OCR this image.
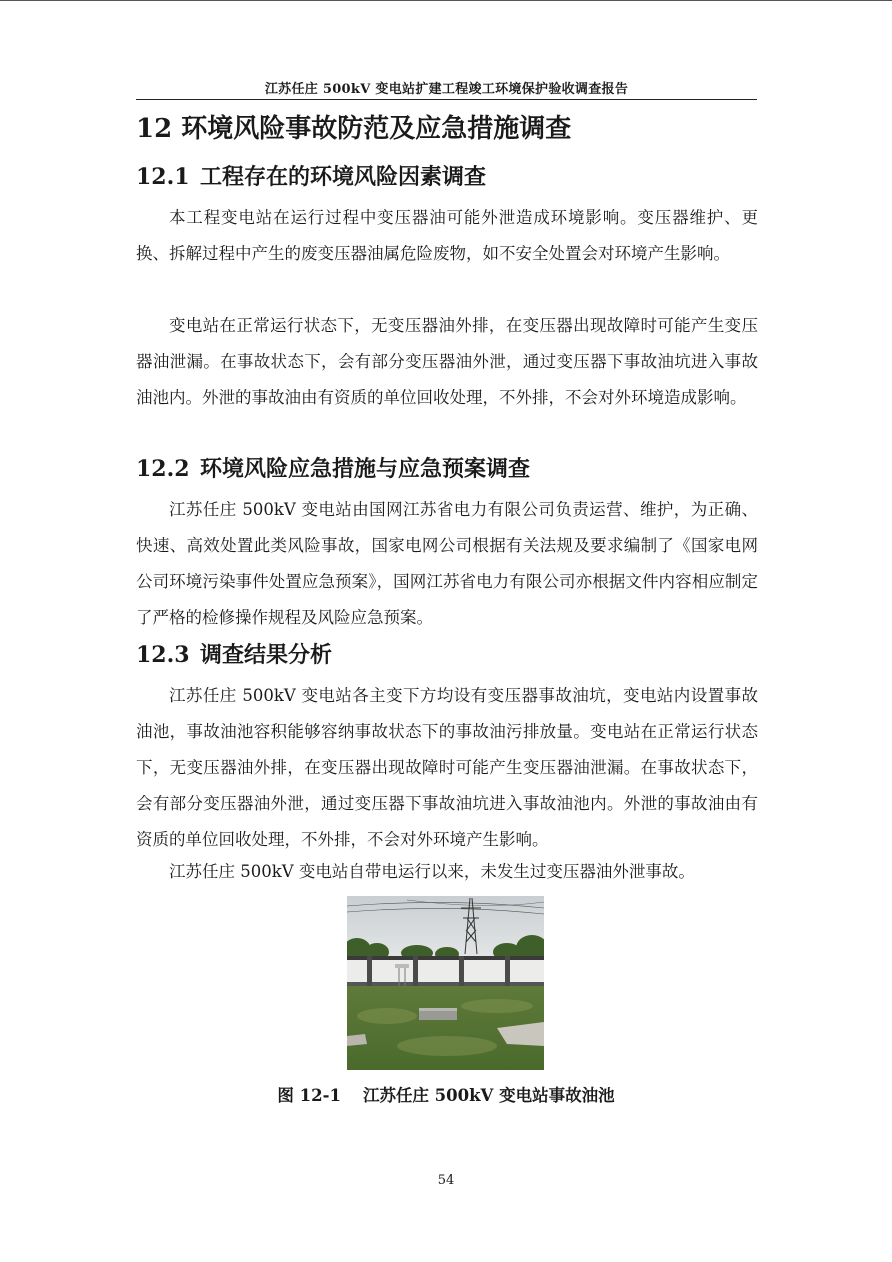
江苏任庄 500kV 变电站扩建工程竣工环境保护验收调查报告
12 环境风险事故防范及应急措施调查
12.1 工程存在的环境风险因素调查

本工程变电站在运行过程中变压器油可能外泄造成环境影响。变压器维护、更换、拆解过程中产生的废变压器油属危险废物，如不安全处置会对环境产生影响。

变电站在正常运行状态下，无变压器油外排，在变压器出现故障时可能产生变压器油泄漏。在事故状态下，会有部分变压器油外泄，通过变压器下事故油坑进入事故油池内。外泄的事故油由有资质的单位回收处理，不外排，不会对外环境造成影响。

12.2 环境风险应急措施与应急预案调查

江苏任庄 500kV 变电站由国网江苏省电力有限公司负责运营、维护，为正确、快速、高效处置此类风险事故，国家电网公司根据有关法规及要求编制了《国家电网公司环境污染事件处置应急预案》，国网江苏省电力有限公司亦根据文件内容相应制定了严格的检修操作规程及风险应急预案。

12.3 调查结果分析

江苏任庄 500kV 变电站各主变下方均设有变压器事故油坑，变电站内设置事故油池，事故油池容积能够容纳事故状态下的事故油污排放量。变电站在正常运行状态下，无变压器油外排，在变压器出现故障时可能产生变压器油泄漏。在事故状态下，会有部分变压器油外泄，通过变压器下事故油坑进入事故油池内。外泄的事故油由有资质的单位回收处理，不外排，不会对外环境产生影响。

江苏任庄 500kV 变电站自带电运行以来，未发生过变压器油外泄事故。

图 12-1 江苏任庄 500kV 变电站事故油池
54
